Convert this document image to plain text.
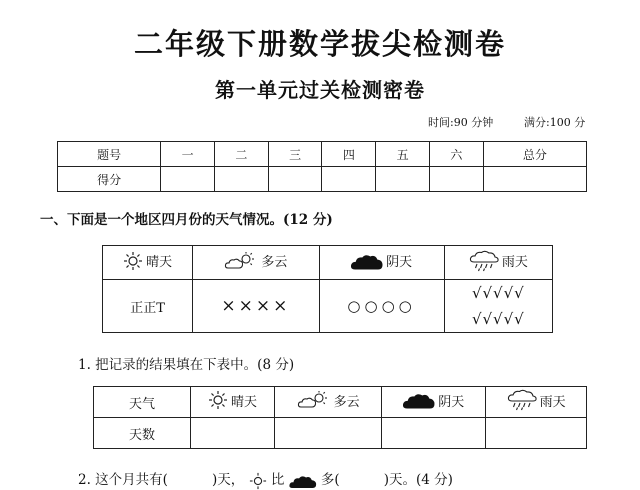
二年级下册数学拔尖检测卷
第一单元过关检测密卷
时间:90 分钟	满分:100 分
题号	一	二	三	四	五	六	总分
得分							
一、下面是一个地区四月份的天气情况。(12 分)
晴天	多云	阴天	雨天

正正T	××××	○○○○	√√√√√
√√√√√
1. 把记录的结果填在下表中。(8 分)
天气	晴天	多云	阴天	雨天

天数				
2. 这个月共有(	)天， 比	多(	)天。(4 分)
